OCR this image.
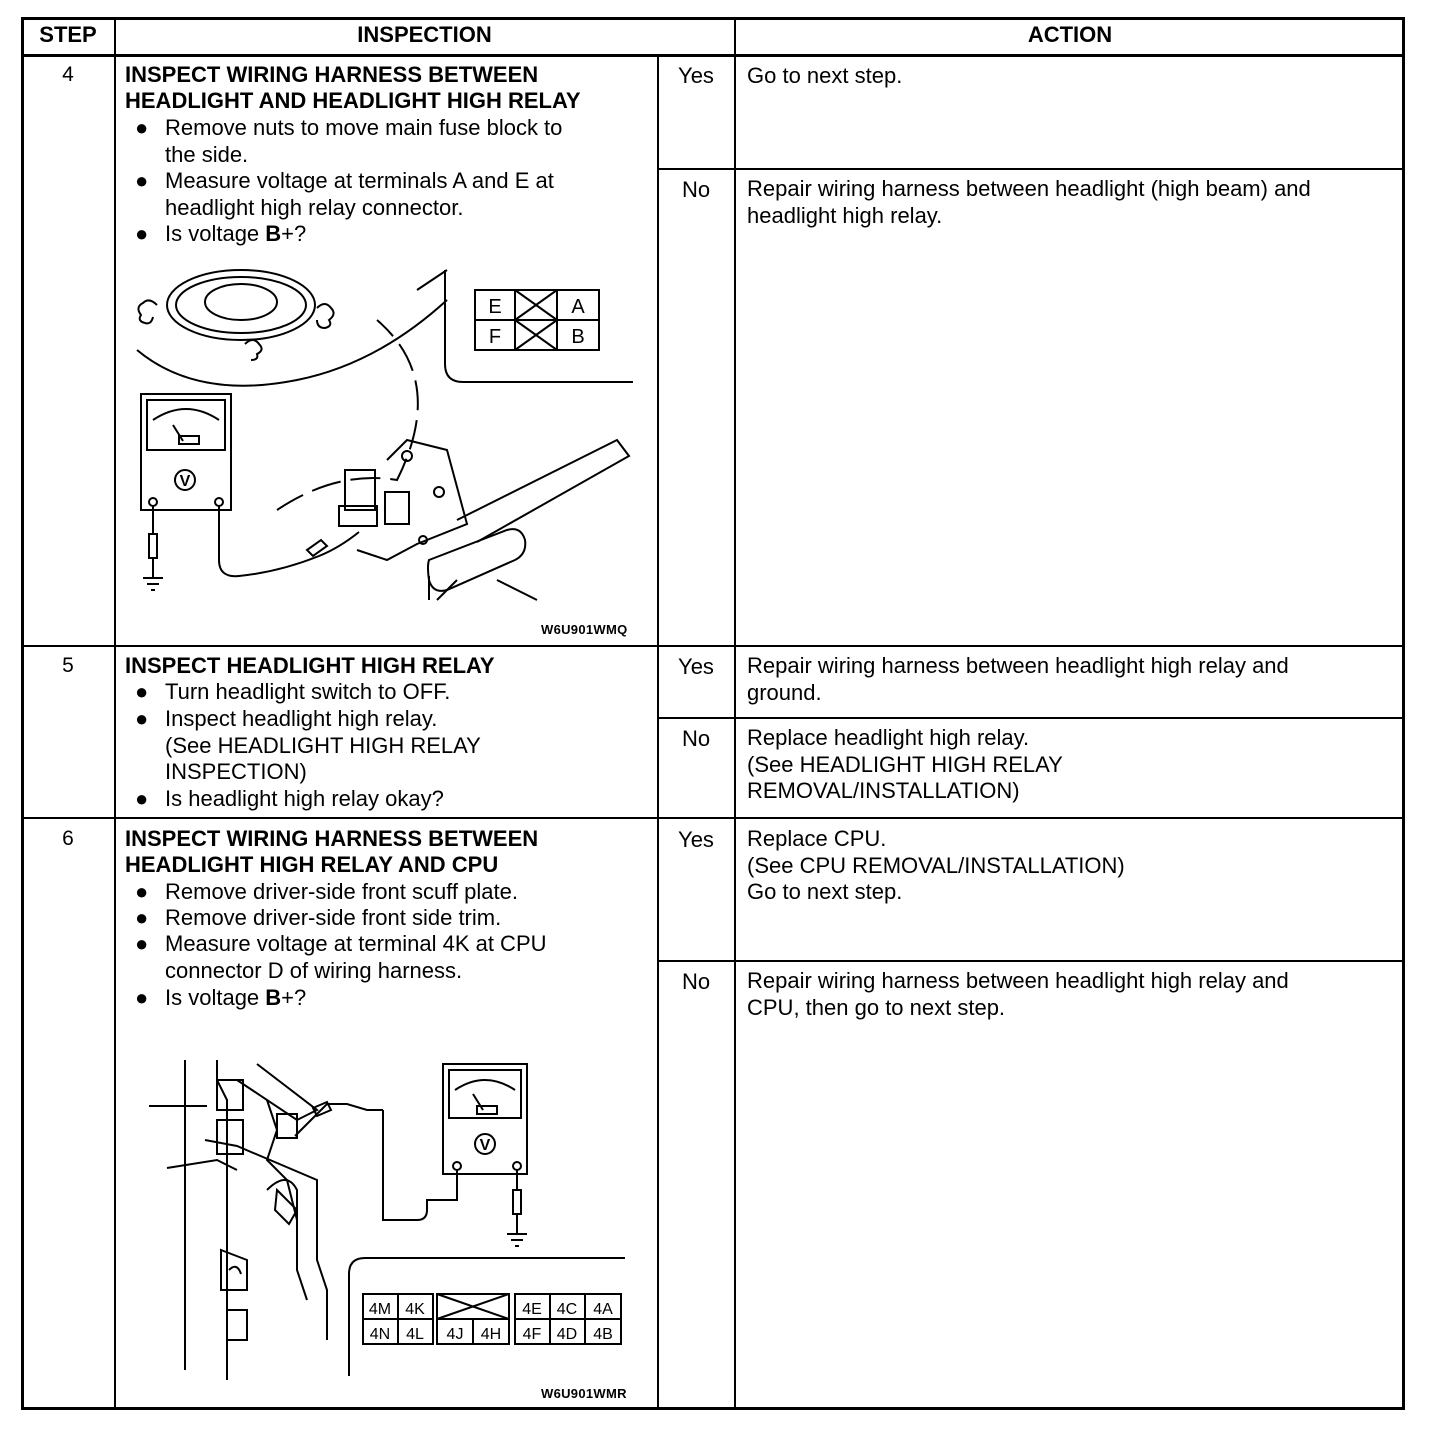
STEP	INSPECTION	ACTION
4	INSPECT WIRING HARNESS BETWEEN
HEADLIGHT AND HEADLIGHT HIGH RELAY
● Remove nuts to move main fuse block to
the side.
● Measure voltage at terminals A and E at
headlight high relay connector.
● Is voltage B+?
E	A
F	B
V
W6U901WMQ
Yes	Go to next step.
No	Repair wiring harness between headlight (high beam) and
headlight high relay.
5	INSPECT HEADLIGHT HIGH RELAY
● Turn headlight switch to OFF.
● Inspect headlight high relay.
(See HEADLIGHT HIGH RELAY
INSPECTION)
● Is headlight high relay okay?
Yes	Repair wiring harness between headlight high relay and
ground.
No	Replace headlight high relay.
(See HEADLIGHT HIGH RELAY
REMOVAL/INSTALLATION)
6	INSPECT WIRING HARNESS BETWEEN
HEADLIGHT HIGH RELAY AND CPU
● Remove driver-side front scuff plate.
● Remove driver-side front side trim.
● Measure voltage at terminal 4K at CPU
connector D of wiring harness.
● Is voltage B+?
4M 4K	4E 4C 4A
4N 4L 4J 4H 4F 4D 4B
V
W6U901WMR
Yes	Replace CPU.
(See CPU REMOVAL/INSTALLATION)
Go to next step.
No	Repair wiring harness between headlight high relay and
CPU, then go to next step.
